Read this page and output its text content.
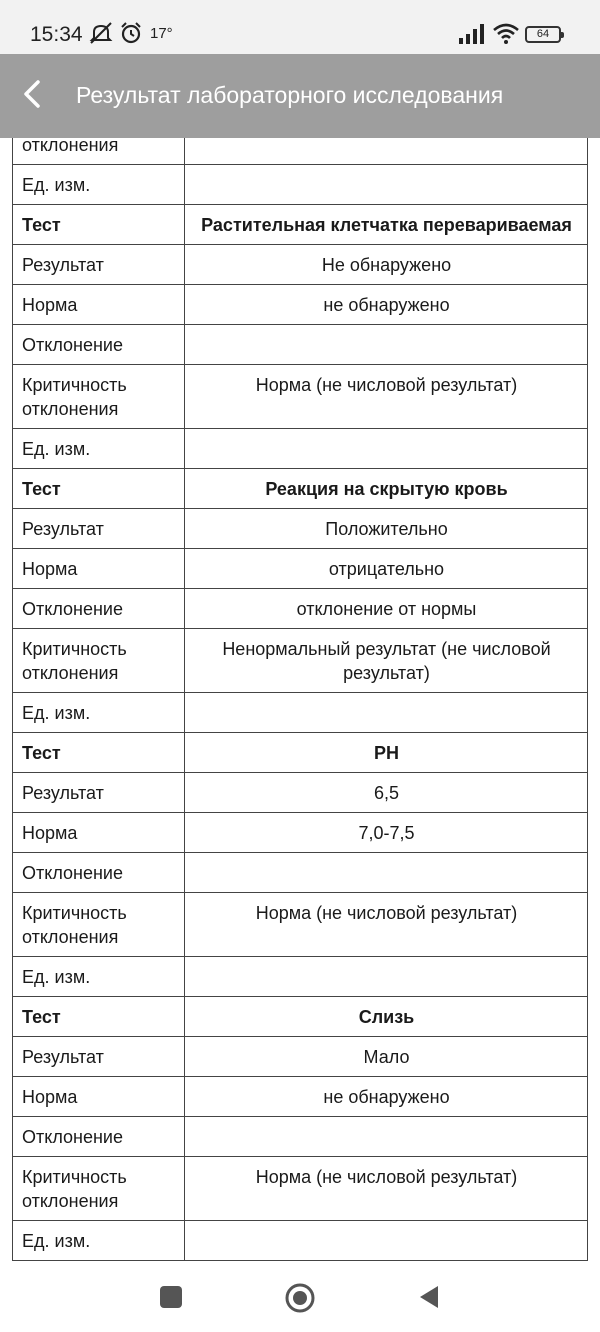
15:34	17°	64
Результат лабораторного исследования
отклонения	
Ед. изм.	
Тест	Растительная клетчатка перевариваемая
Результат	Не обнаружено
Норма	не обнаружено
Отклонение	
Критичность отклонения	Норма (не числовой результат)
Ед. изм.	
Тест	Реакция на скрытую кровь
Результат	Положительно
Норма	отрицательно
Отклонение	отклонение от нормы
Критичность отклонения	Ненормальный результат (не числовой результат)
Ед. изм.	
Тест	PH
Результат	6,5
Норма	7,0-7,5
Отклонение	
Критичность отклонения	Норма (не числовой результат)
Ед. изм.	
Тест	Слизь
Результат	Мало
Норма	не обнаружено
Отклонение	
Критичность отклонения	Норма (не числовой результат)
Ед. изм.	
